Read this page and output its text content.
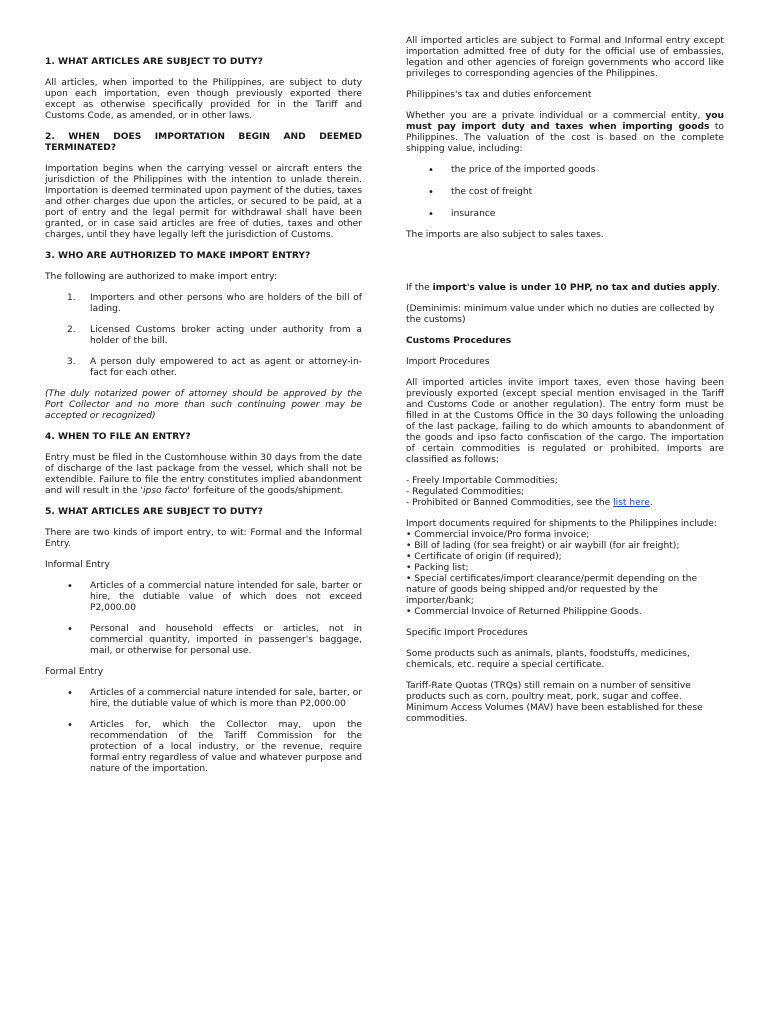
1. WHAT ARTICLES ARE SUBJECT TO DUTY?

All articles, when imported to the Philippines, are subject to duty upon each importation, even though previously exported there except as otherwise specifically provided for in the Tariff and Customs Code, as amended, or in other laws.

2. WHEN DOES IMPORTATION BEGIN AND DEEMED TERMINATED?

Importation begins when the carrying vessel or aircraft enters the jurisdiction of the Philippines with the intention to unlade therein. Importation is deemed terminated upon payment of the duties, taxes and other charges due upon the articles, or secured to be paid, at a port of entry and the legal permit for withdrawal shall have been granted, or in case said articles are free of duties, taxes and other charges, until they have legally left the jurisdiction of Customs.

3. WHO ARE AUTHORIZED TO MAKE IMPORT ENTRY?

The following are authorized to make import entry:

1. Importers and other persons who are holders of the bill of lading.
2. Licensed Customs broker acting under authority from a holder of the bill.
3. A person duly empowered to act as agent or attorney-in-fact for each other.

(The duly notarized power of attorney should be approved by the Port Collector and no more than such continuing power may be accepted or recognized)

4. WHEN TO FILE AN ENTRY?

Entry must be filed in the Customhouse within 30 days from the date of discharge of the last package from the vessel, which shall not be extendible. Failure to file the entry constitutes implied abandonment and will result in the 'ipso facto' forfeiture of the goods/shipment.

5. WHAT ARTICLES ARE SUBJECT TO DUTY?

There are two kinds of import entry, to wit: Formal and the Informal Entry.

Informal Entry

• Articles of a commercial nature intended for sale, barter or hire, the dutiable value of which does not exceed P2,000.00
• Personal and household effects or articles, not in commercial quantity, imported in passenger's baggage, mail, or otherwise for personal use.

Formal Entry

• Articles of a commercial nature intended for sale, barter, or hire, the dutiable value of which is more than P2,000.00
• Articles for, which the Collector may, upon the recommendation of the Tariff Commission for the protection of a local industry, or the revenue, require formal entry regardless of value and whatever purpose and nature of the importation.

All imported articles are subject to Formal and Informal entry except importation admitted free of duty for the official use of embassies, legation and other agencies of foreign governments who accord like privileges to corresponding agencies of the Philippines.

Philippines's tax and duties enforcement

Whether you are a private individual or a commercial entity, you must pay import duty and taxes when importing goods to Philippines. The valuation of the cost is based on the complete shipping value, including:

• the price of the imported goods
• the cost of freight
• insurance

The imports are also subject to sales taxes.

If the import's value is under 10 PHP, no tax and duties apply.

(Deminimis: minimum value under which no duties are collected by the customs)

Customs Procedures

Import Procedures

All imported articles invite import taxes, even those having been previously exported (except special mention envisaged in the Tariff and Customs Code or another regulation). The entry form must be filled in at the Customs Office in the 30 days following the unloading of the last package, failing to do which amounts to abandonment of the goods and ipso facto confiscation of the cargo. The importation of certain commodities is regulated or prohibited. Imports are classified as follows:

- Freely Importable Commodities;
- Regulated Commodities;
- Prohibited or Banned Commodities, see the list here.
Import documents required for shipments to the Philippines include:
• Commercial invoice/Pro forma invoice;
• Bill of lading (for sea freight) or air waybill (for air freight);
• Certificate of origin (if required);
• Packing list;
• Special certificates/import clearance/permit depending on the nature of goods being shipped and/or requested by the importer/bank;
• Commercial Invoice of Returned Philippine Goods.

Specific Import Procedures

Some products such as animals, plants, foodstuffs, medicines, chemicals, etc. require a special certificate.

Tariff-Rate Quotas (TRQs) still remain on a number of sensitive products such as corn, poultry meat, pork, sugar and coffee. Minimum Access Volumes (MAV) have been established for these commodities.
